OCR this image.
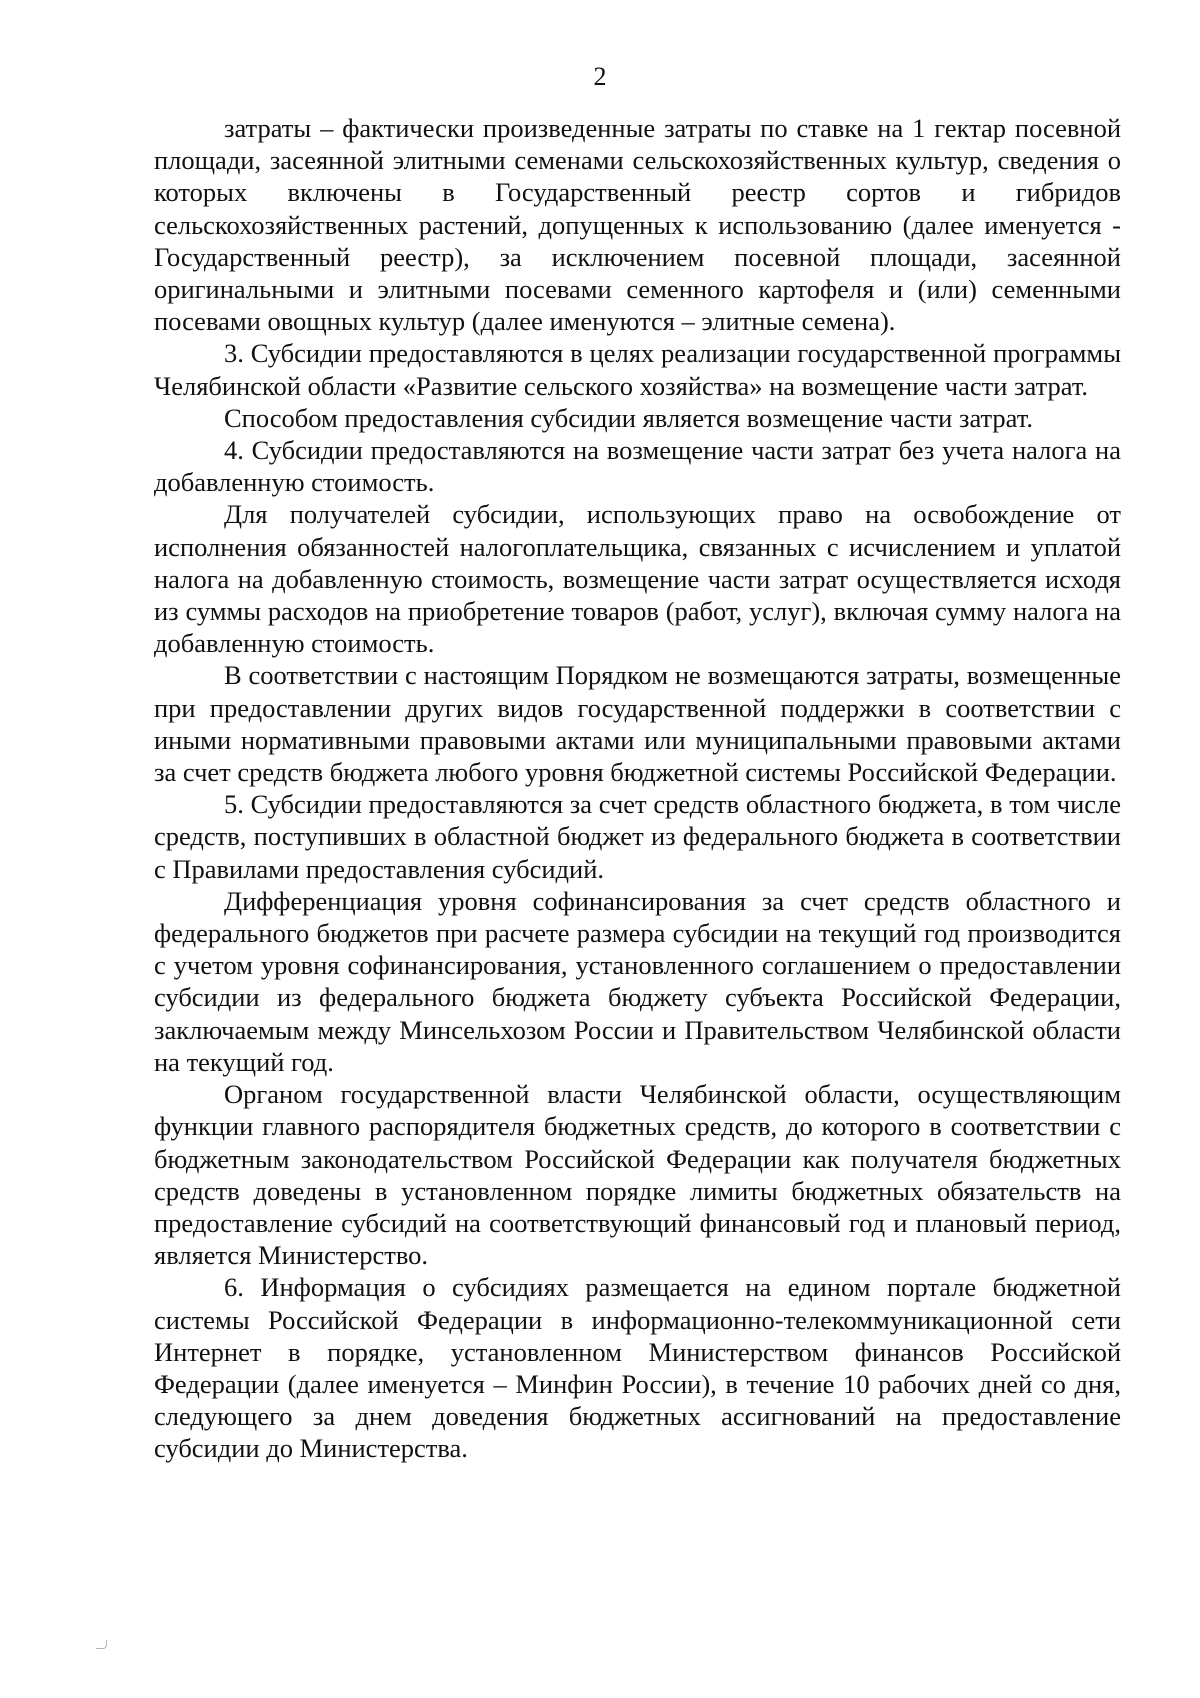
2

затраты – фактически произведенные затраты по ставке на 1 гектар посевной площади, засеянной элитными семенами сельскохозяйственных культур, сведения о которых включены в Государственный реестр сортов и гибридов сельскохозяйственных растений, допущенных к использованию (далее именуется - Государственный реестр), за исключением посевной площади, засеянной оригинальными и элитными посевами семенного картофеля и (или) семенными посевами овощных культур (далее именуются – элитные семена).

3. Субсидии предоставляются в целях реализации государственной программы Челябинской области «Развитие сельского хозяйства» на возмещение части затрат.

Способом предоставления субсидии является возмещение части затрат.

4. Субсидии предоставляются на возмещение части затрат без учета налога на добавленную стоимость.

Для получателей субсидии, использующих право на освобождение от исполнения обязанностей налогоплательщика, связанных с исчислением и уплатой налога на добавленную стоимость, возмещение части затрат осуществляется исходя из суммы расходов на приобретение товаров (работ, услуг), включая сумму налога на добавленную стоимость.

В соответствии с настоящим Порядком не возмещаются затраты, возмещенные при предоставлении других видов государственной поддержки в соответствии с иными нормативными правовыми актами или муниципальными правовыми актами за счет средств бюджета любого уровня бюджетной системы Российской Федерации.

5. Субсидии предоставляются за счет средств областного бюджета, в том числе средств, поступивших в областной бюджет из федерального бюджета в соответствии с Правилами предоставления субсидий.

Дифференциация уровня софинансирования за счет средств областного и федерального бюджетов при расчете размера субсидии на текущий год производится с учетом уровня софинансирования, установленного соглашением о предоставлении субсидии из федерального бюджета бюджету субъекта Российской Федерации, заключаемым между Минсельхозом России и Правительством Челябинской области на текущий год.

Органом государственной власти Челябинской области, осуществляющим функции главного распорядителя бюджетных средств, до которого в соответствии с бюджетным законодательством Российской Федерации как получателя бюджетных средств доведены в установленном порядке лимиты бюджетных обязательств на предоставление субсидий на соответствующий финансовый год и плановый период, является Министерство.

6. Информация о субсидиях размещается на едином портале бюджетной системы Российской Федерации в информационно-телекоммуникационной сети Интернет в порядке, установленном Министерством финансов Российской Федерации (далее именуется – Минфин России), в течение 10 рабочих дней со дня, следующего за днем доведения бюджетных ассигнований на предоставление субсидии до Министерства.
